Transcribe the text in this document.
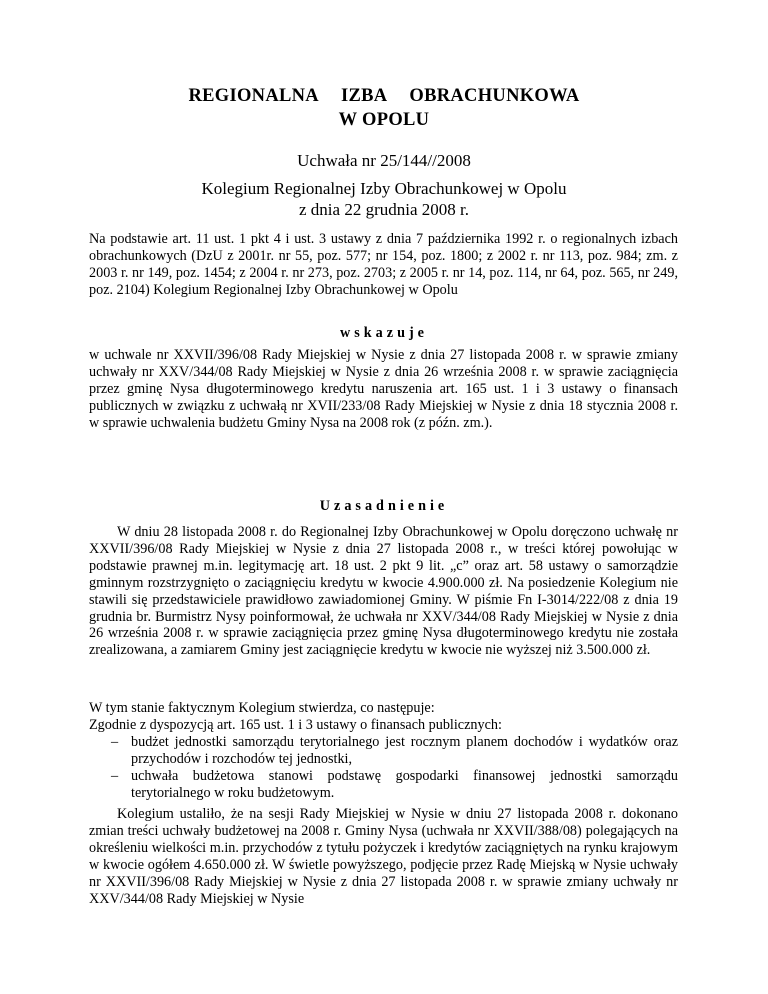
REGIONALNA IZBA OBRACHUNKOWA
W OPOLU
Uchwała nr 25/144//2008
Kolegium Regionalnej Izby Obrachunkowej w Opolu
z dnia 22 grudnia 2008 r.
Na podstawie art. 11 ust. 1 pkt 4 i ust. 3 ustawy z dnia 7 października 1992 r. o regionalnych izbach obrachunkowych (DzU z 2001r. nr 55, poz. 577; nr 154, poz. 1800; z 2002 r. nr 113, poz. 984; zm. z 2003 r. nr 149, poz. 1454; z 2004 r. nr 273, poz. 2703; z 2005 r. nr 14, poz. 114, nr 64, poz. 565, nr 249, poz. 2104) Kolegium Regionalnej Izby Obrachunkowej w Opolu
wskazuje
w uchwale nr XXVII/396/08 Rady Miejskiej w Nysie z dnia 27 listopada 2008 r. w sprawie zmiany uchwały nr XXV/344/08 Rady Miejskiej w Nysie z dnia 26 września 2008 r. w sprawie zaciągnięcia przez gminę Nysa długoterminowego kredytu naruszenia art. 165 ust. 1 i 3 ustawy o finansach publicznych w związku z uchwałą nr XVII/233/08 Rady Miejskiej w Nysie z dnia 18 stycznia 2008 r. w sprawie uchwalenia budżetu Gminy Nysa na 2008 rok (z późn. zm.).
Uzasadnienie
W dniu 28 listopada 2008 r. do Regionalnej Izby Obrachunkowej w Opolu doręczono uchwałę nr XXVII/396/08 Rady Miejskiej w Nysie z dnia 27 listopada 2008 r., w treści której powołując w podstawie prawnej m.in. legitymację art. 18 ust. 2 pkt 9 lit. „c” oraz art. 58 ustawy o samorządzie gminnym rozstrzygnięto o zaciągnięciu kredytu w kwocie 4.900.000 zł. Na posiedzenie Kolegium nie stawili się przedstawiciele prawidłowo zawiadomionej Gminy. W piśmie Fn I-3014/222/08 z dnia 19 grudnia br. Burmistrz Nysy poinformował, że uchwała nr XXV/344/08 Rady Miejskiej w Nysie z dnia 26 września 2008 r. w sprawie zaciągnięcia przez gminę Nysa długoterminowego kredytu nie została zrealizowana, a zamiarem Gminy jest zaciągnięcie kredytu w kwocie nie wyższej niż 3.500.000 zł.
W tym stanie faktycznym Kolegium stwierdza, co następuje:
Zgodnie z dyspozycją art. 165 ust. 1 i 3 ustawy o finansach publicznych:
– budżet jednostki samorządu terytorialnego jest rocznym planem dochodów i wydatków oraz przychodów i rozchodów tej jednostki,
– uchwała budżetowa stanowi podstawę gospodarki finansowej jednostki samorządu terytorialnego w roku budżetowym.
Kolegium ustaliło, że na sesji Rady Miejskiej w Nysie w dniu 27 listopada 2008 r. dokonano zmian treści uchwały budżetowej na 2008 r. Gminy Nysa (uchwała nr XXVII/388/08) polegających na określeniu wielkości m.in. przychodów z tytułu pożyczek i kredytów zaciągniętych na rynku krajowym w kwocie ogółem 4.650.000 zł. W świetle powyższego, podjęcie przez Radę Miejską w Nysie uchwały nr XXVII/396/08 Rady Miejskiej w Nysie z dnia 27 listopada 2008 r. w sprawie zmiany uchwały nr XXV/344/08 Rady Miejskiej w Nysie
